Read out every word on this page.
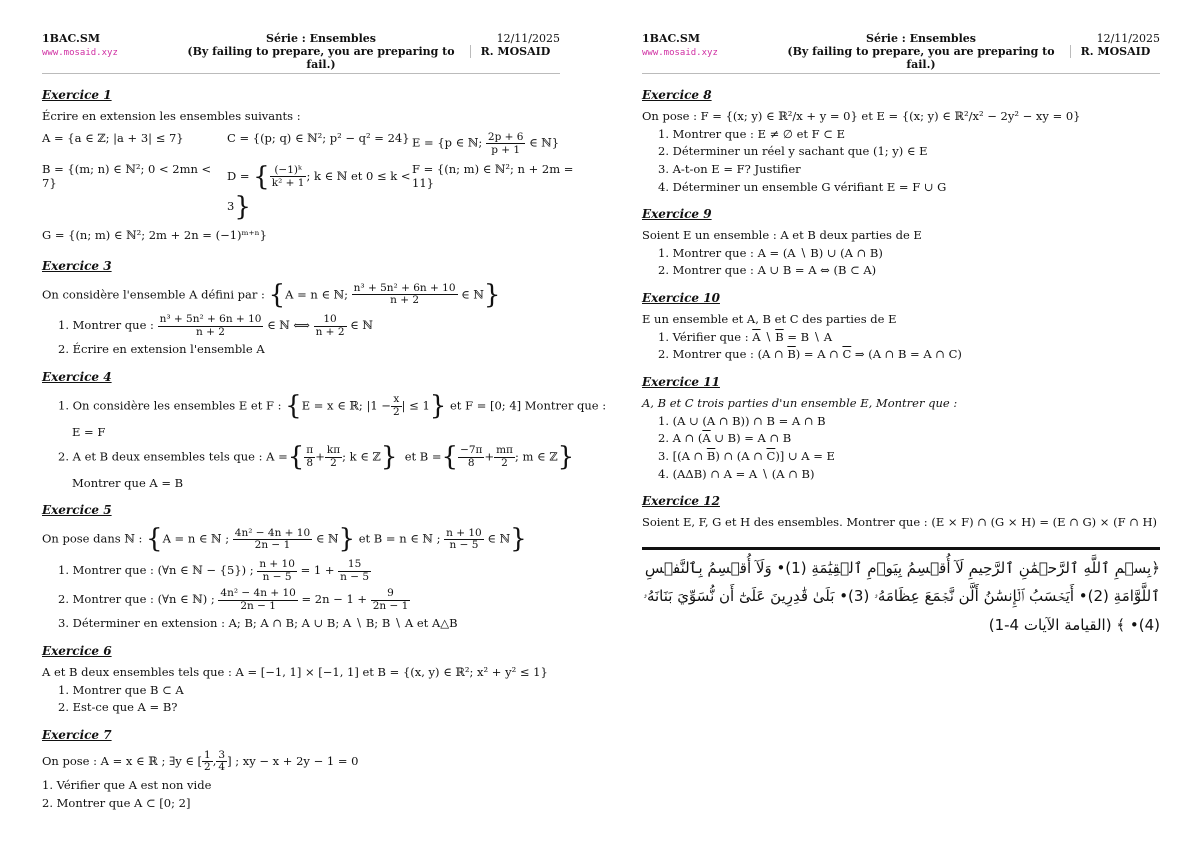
1BAC.SM
www.mosaid.xyz
Série : Ensembles
(By failing to prepare, you are preparing to fail.)
12/11/2025

R. MOSAID
Exercice 1
Écrire en extension les ensembles suivants :
A = {a ∈ ℤ; |a + 3| ≤ 7}	C = {(p; q) ∈ ℕ²; p² − q² = 24} E = {p ∈ ℕ; $\frac{2p + 6}{p + 1}$ ∈ ℕ}
B = {(m; n) ∈ ℕ²; 0 < 2mn < 7}	D = { $\frac{\text{(−1)ᵏ}}{\text{k² + 1}}$ ; k ∈ ℕ et 0 ≤ k < 3}
F = {(n; m) ∈ ℕ²; n + 2m = 11}
G = {(n; m) ∈ ℕ²; 2m + 2n = (−1)ᵐ⁺ⁿ}
Exercice 3
On considère l'ensemble A défini par : {A = n ∈ ℕ; $\frac{\text{n³ + 5n² + 6n + 10}}{n + 2}$ ∈ ℕ}
1. Montrer que : $\frac{\text{n³ + 5n² + 6n + 10}}{n + 2}$ ∈ ℕ ⟺ $\frac{10}{n + 2}$ ∈ ℕ
2. Écrire en extension l'ensemble A
Exercice 4
1. On considère les ensembles E et F : {E = x ∈ ℝ; $|1 - \frac{x}{2}$ | ≤ 1} et F = [0; 4] Montrer que :
E = F
2. A et B deux ensembles tels que : A ={ $\frac{\pi}{8} + \frac{k\pi}{2}$ ; k ∈ ℤ} et B ={ $\frac{-7\pi}{8} + \frac{m\pi}{2}$ ; m ∈ ℤ}
Montrer que A = B
Exercice 5
On pose dans ℕ : {A = n ∈ ℕ ; $\frac{\text{4n² − 4n + 10}}{2n - 1}$ ∈ ℕ} et B = n ∈ ℕ ; $\frac{n + 10}{n - 5}$ ∈ ℕ}
1. Montrer que : (∀n ∈ ℕ − {5}) ; $\frac{n + 10}{n - 5} = 1 + \frac{15}{n - 5}$
2. Montrer que : (∀n ∈ ℕ) ; $\frac{\text{4n² − 4n + 10}}{2n - 1} = 2n - 1 + \frac{9}{2n - 1}$
3. Déterminer en extension : A; B; A ∩ B; A ∪ B; A ∖ B; B ∖ A et A△B
Exercice 6
A et B deux ensembles tels que : A = [−1, 1] × [−1, 1] et B = {(x, y) ∈ ℝ²; x² + y² ≤ 1}
1. Montrer que B ⊂ A
2. Est-ce que A = B?
Exercice 7
On pose : A = x ∈ ℝ ; ∃y ∈ [ $\frac{1}{2}$ , $\frac{3}{4}$ ] ; xy − x + 2y − 1 = 0
1. Vérifier que A est non vide
2. Montrer que A ⊂ [0; 2]
1BAC.SM
www.mosaid.xyz
Série : Ensembles
(By failing to prepare, you are preparing to fail.)
12/11/2025

R. MOSAID
Exercice 8
On pose : F = {(x; y) ∈ ℝ²/x + y = 0} et E = {(x; y) ∈ ℝ²/x² − 2y² − xy = 0}
1. Montrer que : E ≠ ∅ et F ⊂ E
2. Déterminer un réel y sachant que (1; y) ∈ E
3. A-t-on E = F? Justifier
4. Déterminer un ensemble G vérifiant E = F ∪ G
Exercice 9
Soient E un ensemble : A et B deux parties de E
1. Montrer que : A = (A ∖ B) ∪ (A ∩ B)
2. Montrer que : A ∪ B = A ⇔ (B ⊂ A)
Exercice 10
E un ensemble et A, B et C des parties de E
1. Vérifier que : $\overline{A}$ ∖ $\overline{B} = B$ ∖ A
2. Montrer que : (A ∩ $\overline{B}) = A$ ∩ $\overline{C}$ ⇒ (A ∩ B = A ∩ C)
Exercice 11
A, B et C trois parties d'un ensemble E, Montrer que :
1. (A ∪ (A ∩ B)) ∩ B = A ∩ B
2. A ∩ ($\overline{A}$ ∪ B) = A ∩ B
3. [(A ∩ $\overline{B}$) ∩ (A ∩ $\overline{C}$)] ∪ A = E
4. (AΔB) ∩ A = A ∖ (A ∩ B)
Exercice 12
Soient E, F, G et H des ensembles. Montrer que : (E × F) ∩ (G × H) = (E ∩ G) × (F ∩ H)
﴿بِسۡمِ ٱللَّهِ ٱلرَّحۡمَٰنِ ٱلرَّحِيمِ لَآ أُقۡسِمُ بِيَوۡمِ ٱلۡقِيَٰمَةِ (1)• وَلَآ أُقۡسِمُ بِٱلنَّفۡسِ ٱللَّوَّامَةِ (2)• أَيَحۡسَبُ ٱلۡإِنسَٰنُ أَلَّن نَّجۡمَعَ عِظَامَهُۥ (3)• بَلَىٰ قَٰدِرِينَ عَلَىٰٓ أَن نُّسَوِّيَ بَنَانَهُۥ (4)• ﴾ (القيامة الآيات 4-1)
